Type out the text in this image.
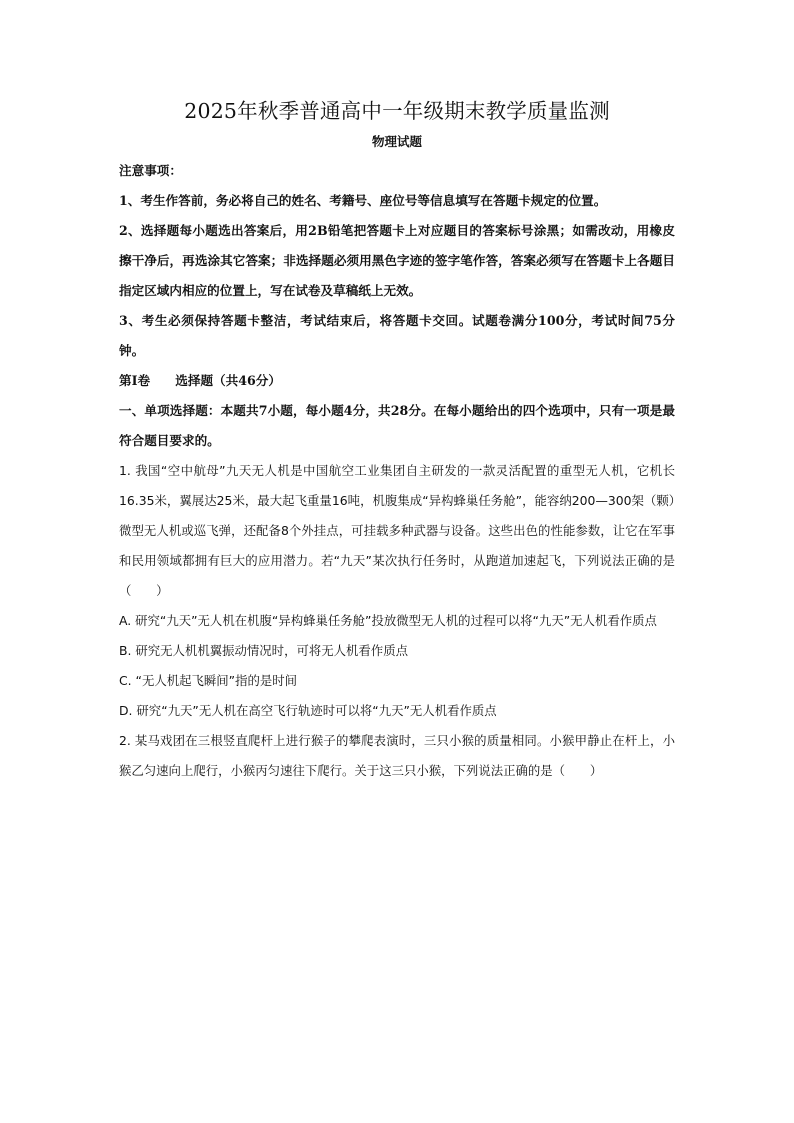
2025年秋季普通高中一年级期末教学质量监测

物理试题

注意事项：

1、考生作答前，务必将自己的姓名、考籍号、座位号等信息填写在答题卡规定的位置。

2、选择题每小题选出答案后，用2B铅笔把答题卡上对应题目的答案标号涂黑；如需改动，用橡皮擦干净后，再选涂其它答案；非选择题必须用黑色字迹的签字笔作答，答案必须写在答题卡上各题目指定区域内相应的位置上，写在试卷及草稿纸上无效。

3、考生必须保持答题卡整洁，考试结束后，将答题卡交回。试题卷满分100分，考试时间75分钟。

第Ⅰ卷　　选择题（共46分）

一、单项选择题：本题共7小题，每小题4分，共28分。在每小题给出的四个选项中，只有一项是最符合题目要求的。

1. 我国“空中航母”九天无人机是中国航空工业集团自主研发的一款灵活配置的重型无人机，它机长16.35米，翼展达25米，最大起飞重量16吨，机腹集成“异构蜂巢任务舱”，能容纳200—300架（颗）微型无人机或巡飞弹，还配备8个外挂点，可挂载多种武器与设备。这些出色的性能参数，让它在军事和民用领域都拥有巨大的应用潜力。若“九天”某次执行任务时，从跑道加速起飞，下列说法正确的是（　　）

A. 研究“九天”无人机在机腹“异构蜂巢任务舱”投放微型无人机的过程可以将“九天”无人机看作质点

B. 研究无人机机翼振动情况时，可将无人机看作质点

C. “无人机起飞瞬间”指的是时间

D. 研究“九天”无人机在高空飞行轨迹时可以将“九天”无人机看作质点

2. 某马戏团在三根竖直爬杆上进行猴子的攀爬表演时，三只小猴的质量相同。小猴甲静止在杆上，小猴乙匀速向上爬行，小猴丙匀速往下爬行。关于这三只小猴，下列说法正确的是（　　）
